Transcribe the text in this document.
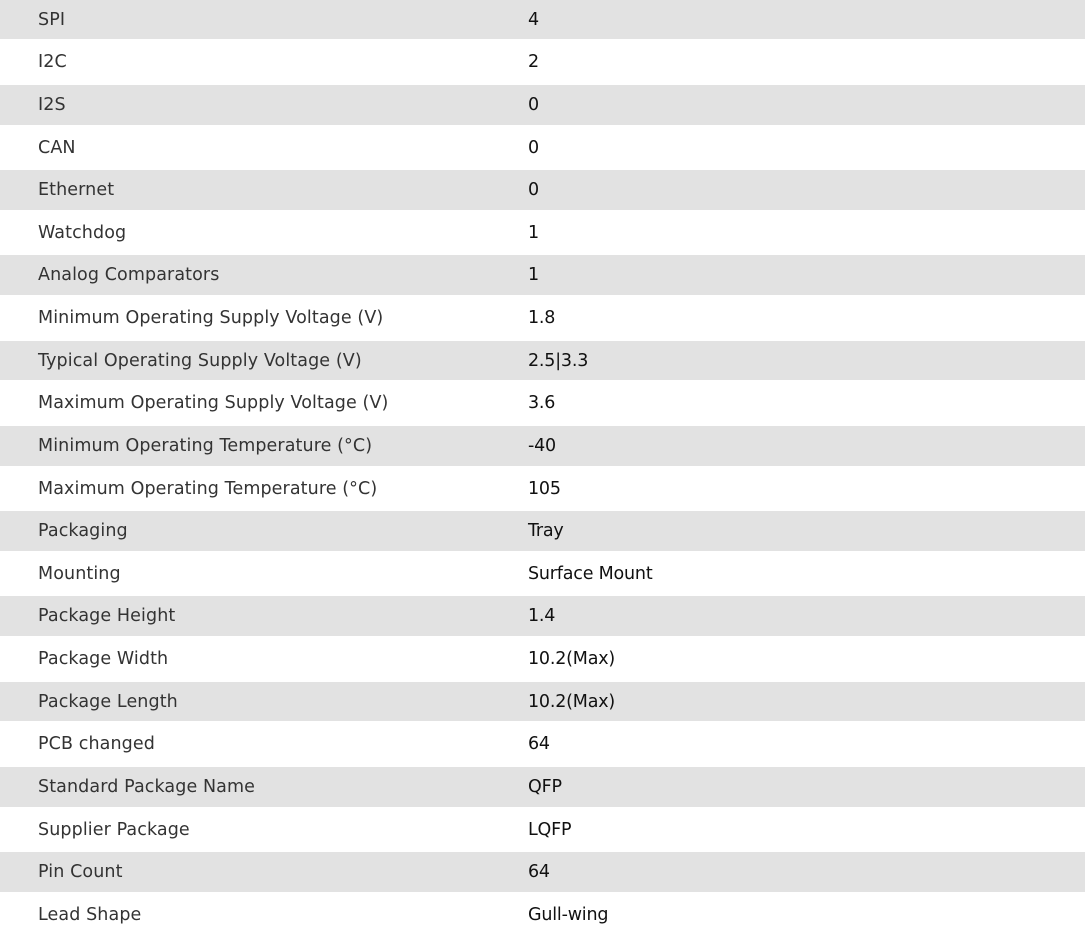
SPI	4
I2C	2
I2S	0
CAN	0
Ethernet	0
Watchdog	1
Analog Comparators	1
Minimum Operating Supply Voltage (V)	1.8
Typical Operating Supply Voltage (V)	2.5|3.3
Maximum Operating Supply Voltage (V)	3.6
Minimum Operating Temperature (°C)	-40
Maximum Operating Temperature (°C)	105
Packaging	Tray
Mounting	Surface Mount
Package Height	1.4
Package Width	10.2(Max)
Package Length	10.2(Max)
PCB changed	64
Standard Package Name	QFP
Supplier Package	LQFP
Pin Count	64
Lead Shape	Gull-wing
